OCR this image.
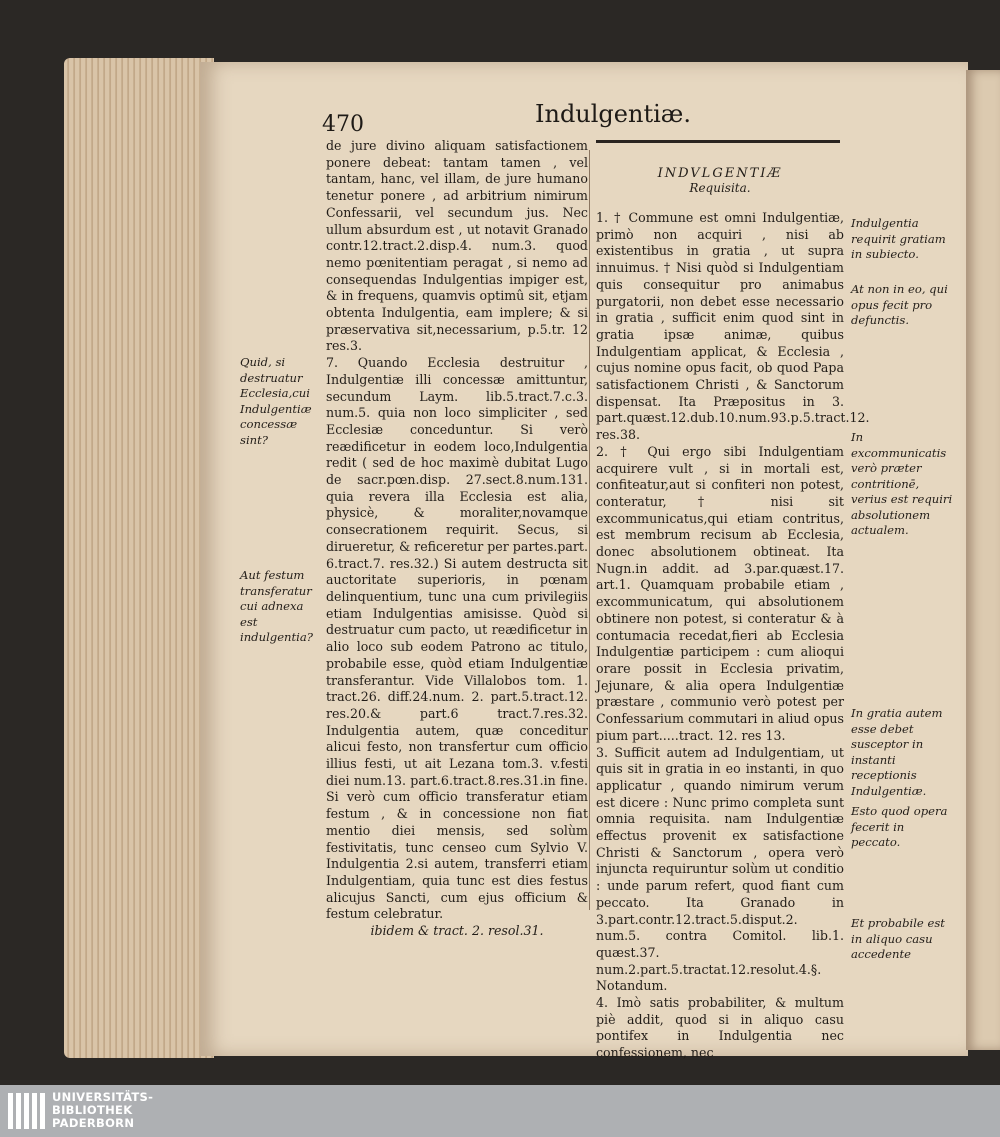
470	Indulgentiæ.

de jure divino aliquam satisfactionem ponere debeat: tantam tamen , vel tantam, hanc, vel illam, de jure humano tenetur ponere , ad arbitrium nimirum Confessarii, vel secundum jus. Nec ullum absurdum est , ut notavit Granado contr.12.tract.2.disp.4. num.3. quod nemo pœnitentiam peragat , si nemo ad consequendas Indulgentias impiger est, & in frequens, quamvis optimû sit, etjam obtenta Indulgentia, eam implere; & si præservativa sit,necessarium, p.5.tr. 12 res.3.

7. Quando Ecclesia destruitur , Indulgentiæ illi concessæ amittuntur, secundum Laym. lib.5.tract.7.c.3. num.5. quia non loco simpliciter , sed Ecclesiæ conceduntur. Si verò reædificetur in eodem loco,Indulgentia redit ( sed de hoc maximè dubitat Lugo de sacr.pœn.disp. 27.sect.8.num.131. quia revera illa Ecclesia est alia, physicè, & moraliter,novamque consecrationem requirit. Secus, si dirueretur, & reficeretur per partes.part. 6.tract.7. res.32.) Si autem destructa sit auctoritate superioris, in pœnam delinquentium, tunc una cum privilegiis etiam Indulgentias amisisse. Quòd si destruatur cum pacto, ut reædificetur in alio loco sub eodem Patrono ac titulo, probabile esse, quòd etiam Indulgentiæ transferantur. Vide Villalobos tom. 1. tract.26. diff.24.num. 2. part.5.tract.12. res.20.& part.6 tract.7.res.32. Indulgentia autem, quæ conceditur alicui festo, non transfertur cum officio illius festi, ut ait Lezana tom.3. v.festi diei num.13. part.6.tract.8.res.31.in fine. Si verò cum officio transferatur etiam festum , & in concessione non fiat mentio diei mensis, sed solùm festivitatis, tunc censeo cum Sylvio V. Indulgentia 2.si autem, transferri etiam Indulgentiam, quia tunc est dies festus alicujus Sancti, cum ejus officium & festum celebratur.

ibidem & tract. 2. resol.31.

Quid, si destruatur Ecclesia,cui Indulgentiæ concessæ sint?
Aut festum transferatur cui adnexa est indulgentia?
INDVLGENTIÆ
Requisita.

1. † Commune est omni Indulgentiæ, primò non acquiri , nisi ab existentibus in gratia , ut supra innuimus. † Nisi quòd si Indulgentiam quis consequitur pro animabus purgatorii, non debet esse necessario in gratia , sufficit enim quod sint in gratia ipsæ animæ, quibus Indulgentiam applicat, & Ecclesia , cujus nomine opus facit, ob quod Papa satisfactionem Christi , & Sanctorum dispensat. Ita Præpositus in 3. part.quæst.12.dub.10.num.93.p.5.tract.12. res.38.

2. † Qui ergo sibi Indulgentiam acquirere vult , si in mortali est, confiteatur,aut si confiteri non potest, conteratur,† nisi sit excommunicatus,qui etiam contritus, est membrum recisum ab Ecclesia, donec absolutionem obtineat. Ita Nugn.in addit. ad 3.par.quæst.17. art.1. Quamquam probabile etiam , excommunicatum, qui absolutionem obtinere non potest, si conteratur & à contumacia recedat,fieri ab Ecclesia Indulgentiæ participem : cum alioqui orare possit in Ecclesia privatim, Jejunare, & alia opera Indulgentiæ præstare , communio verò potest per Confessarium commutari in aliud opus pium part.....tract. 12. res 13.

3. Sufficit autem ad Indulgentiam, ut quis sit in gratia in eo instanti, in quo applicatur , quando nimirum verum est dicere : Nunc primo completa sunt omnia requisita. nam Indulgentiæ effectus provenit ex satisfactione Christi & Sanctorum , opera verò injuncta requiruntur solùm ut conditio : unde parum refert, quod fiant cum peccato. Ita Granado in 3.part.contr.12.tract.5.disput.2. num.5. contra Comitol. lib.1. quæst.37. num.2.part.5.tractat.12.resolut.4.§. Notandum.

4. Imò satis probabiliter, & multum piè addit, quod si in aliquo casu pontifex in Indulgentia nec confessionem, nec

Indulgentia requirit gratiam in subiecto.
At non in eo, qui opus fecit pro defunctis.
In excommunicatis verò præter contritionē, verius est requiri absolutionem actualem.
In gratia autem esse debet susceptor in instanti receptionis Indulgentiæ.
Esto quod opera fecerit in peccato.
Et probabile est in aliquo casu accedente
UNIVERSITÄTS-
BIBLIOTHEK
PADERBORN
